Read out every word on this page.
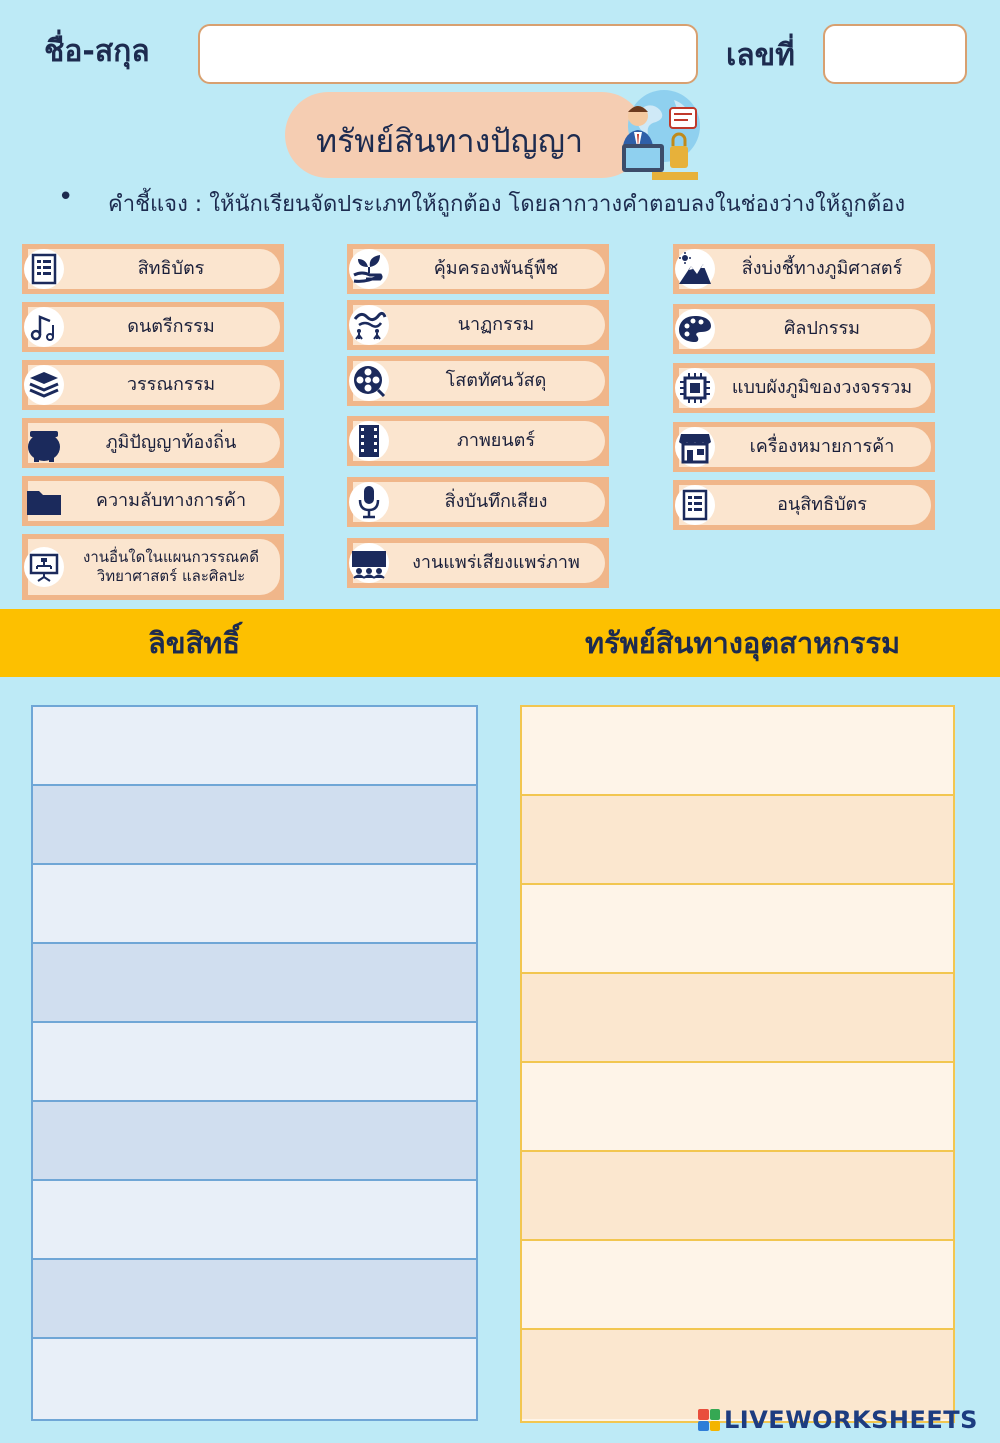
ชื่อ-สกุล	เลขที่
ทรัพย์สินทางปัญญา
• คำชี้แจง : ให้นักเรียนจัดประเภทให้ถูกต้อง โดยลากวางคำตอบลงในช่องว่างให้ถูกต้อง
สิทธิบัตร
ดนตรีกรรม
วรรณกรรม
ภูมิปัญญาท้องถิ่น
ความลับทางการค้า
งานอื่นใดในแผนกวรรณคดี วิทยาศาสตร์ และศิลปะ
คุ้มครองพันธุ์พืช
นาฏกรรม
โสตทัศนวัสดุ
ภาพยนตร์
สิ่งบันทึกเสียง
งานแพร่เสียงแพร่ภาพ
สิ่งบ่งชี้ทางภูมิศาสตร์
ศิลปกรรม
แบบผังภูมิของวงจรรวม
เครื่องหมายการค้า
อนุสิทธิบัตร
ลิขสิทธิ์	ทรัพย์สินทางอุตสาหกรรม
LIVEWORKSHEETS
